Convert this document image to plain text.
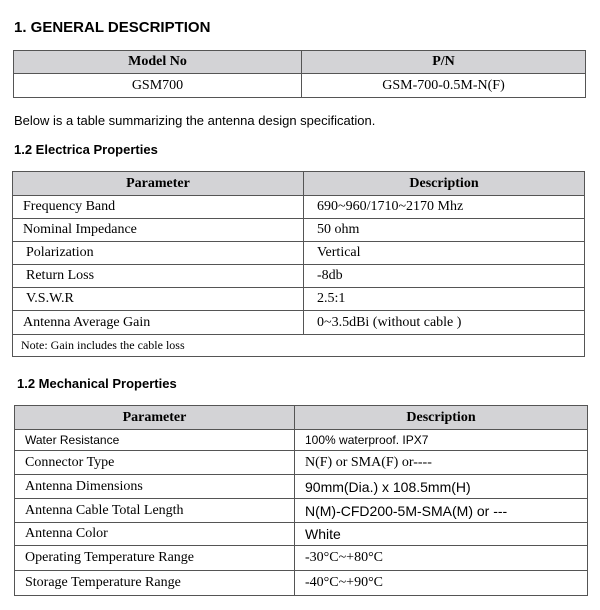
1. GENERAL DESCRIPTION
Model No	P/N
GSM700	GSM-700-0.5M-N(F)
Below is a table summarizing the antenna design specification.
1.2 Electrica Properties
Parameter	Description
Frequency Band	690~960/1710~2170 Mhz
Nominal Impedance	50 ohm
Polarization	Vertical
Return Loss	-8db
V.S.W.R	2.5:1
Antenna Average Gain	0~3.5dBi (without cable )
Note: Gain includes the cable loss	
1.2 Mechanical Properties
Parameter	Description
Water Resistance	100% waterproof. IPX7
Connector Type	N(F) or SMA(F) or----
Antenna Dimensions	90mm(Dia.) x 108.5mm(H)
Antenna Cable Total Length	N(M)-CFD200-5M-SMA(M) or ---
Antenna Color	White
Operating Temperature Range	-30°C~+80°C
Storage Temperature Range	-40°C~+90°C
